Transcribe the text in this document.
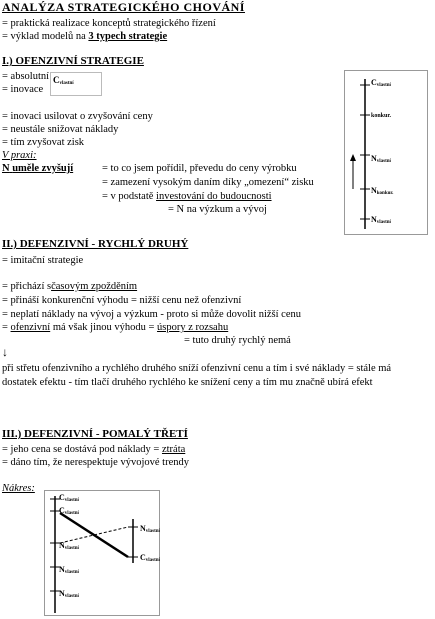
ANALÝZA STRATEGICKÉHO CHOVÁNÍ
= praktická realizace konceptů strategického řízení
= výklad modelů na 3 typech strategie
I.) OFENZIVNÍ STRATEGIE
= absolutní
= inovace
$C_{vlastní}$
= inovaci usilovat o zvyšování ceny
= neustále snižovat náklady
= tím zvyšovat zisk
V praxi:
N uměle zvyšují	= to co jsem pořídil, převedu do ceny výrobku
= zamezení vysokým daním díky „omezení“ zisku
= v podstatě investování do budoucnosti
= N na výzkum a vývoj
$C_{vlastní}$
konkur.
$N_{vlastní}$
$N_{konkur.}$
$N_{vlastní}$
II.) DEFENZIVNÍ - RYCHLÝ DRUHÝ
= imitační strategie
= přichází sčasovým zpožděním
= přináší konkurenční výhodu = nižší cenu než ofenzivní
= neplatí náklady na vývoj a výzkum - proto si může dovolit nižší cenu
= ofenzivní má však jinou výhodu = úspory z rozsahu
= tuto druhý rychlý nemá
↓
při střetu ofenzivního a rychlého druhého sníží ofenzivní cenu a tím i své náklady = stále má
dostatek efektu - tím tlačí druhého rychlého ke snížení ceny a tím mu značně ubírá efekt
III.) DEFENZIVNÍ - POMALÝ TŘETÍ
= jeho cena se dostává pod náklady = ztráta
= dáno tím, že nerespektuje vývojové trendy
Nákres:
$C_{vlastní}$
$C_{vlastní}$
$N_{vlastní}$
$N_{vlastní}$
$C_{vlastní}$
$N_{vlastní}$
$N_{vlastní}$
